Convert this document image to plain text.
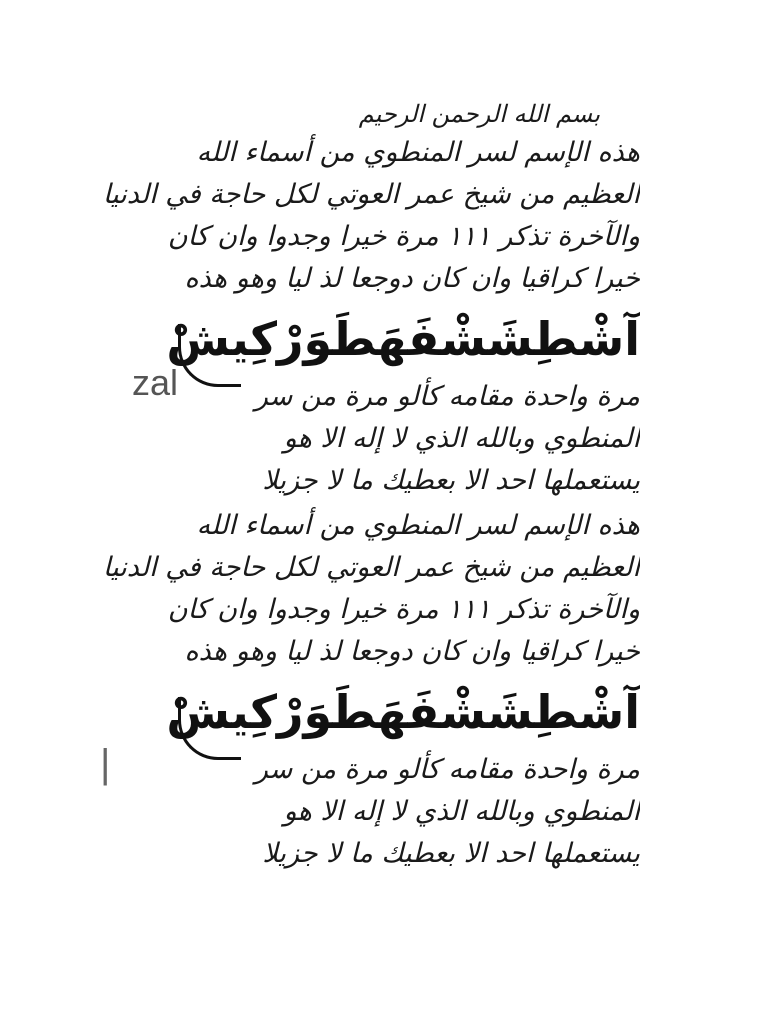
بسم الله الرحمن الرحيم

هذه الإسم لسر المنطوي من أسماء الله

العظيم من شيخ عمر العوتي لكل حاجة في الدنيا

والآخرة تذكر ١١١ مرة خيرا وجدوا وان كان

خيرا كراقيا وان كان دوجعا لذ ليا وهو هذه

آشْطِشَشْفَهَطَوَرْكِيشْ

مرة واحدة مقامه كألو مرة من سر

المنطوي وبالله الذي لا إله الا هو

يستعملها احد الا بعطيك ما لا جزيلا

zal

هذه الإسم لسر المنطوي من أسماء الله

العظيم من شيخ عمر العوتي لكل حاجة في الدنيا

والآخرة تذكر ١١١ مرة خيرا وجدوا وان كان

خيرا كراقيا وان كان دوجعا لذ ليا وهو هذه

آشْطِشَشْفَهَطَوَرْكِيشْ

مرة واحدة مقامه كألو مرة من سر

المنطوي وبالله الذي لا إله الا هو

يستعملها احد الا بعطيك ما لا جزيلا

|
